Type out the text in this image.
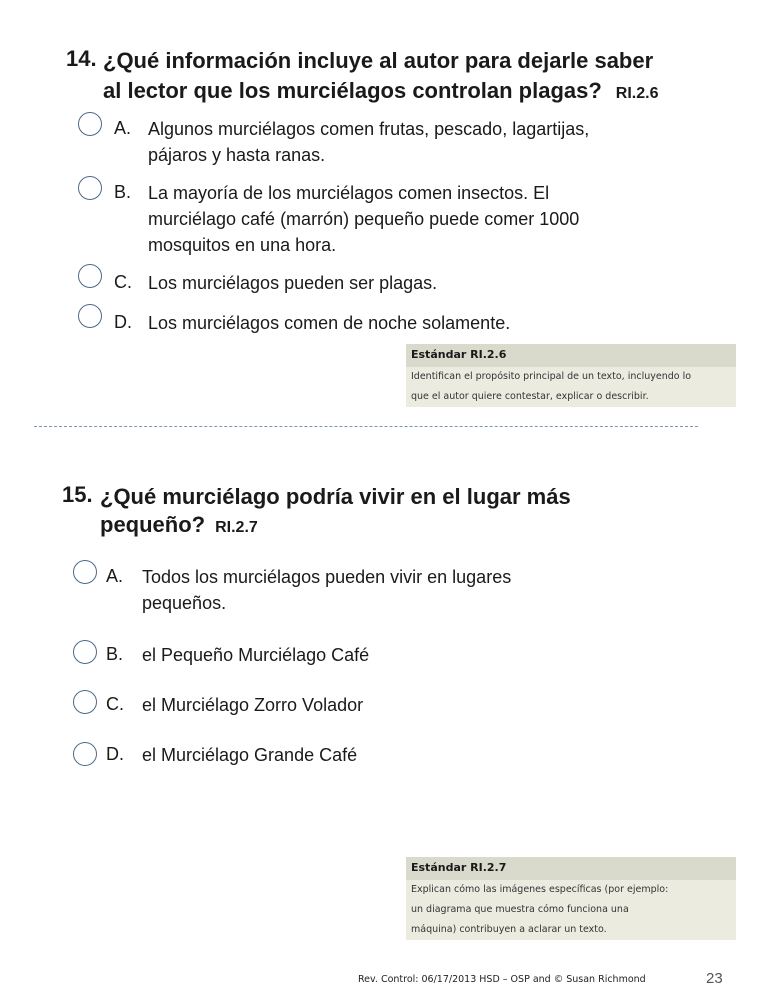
14. ¿Qué información incluye al autor para dejarle saber
al lector que los murciélagos controlan plagas? RI.2.6
A. Algunos murciélagos comen frutas, pescado, lagartijas,
pájaros y hasta ranas.
B. La mayoría de los murciélagos comen insectos. El
murciélago café (marrón) pequeño puede comer 1000
mosquitos en una hora.
C. Los murciélagos pueden ser plagas.
D. Los murciélagos comen de noche solamente.
Estándar RI.2.6
Identifican el propósito principal de un texto, incluyendo lo
que el autor quiere contestar, explicar o describir.
15. ¿Qué murciélago podría vivir en el lugar más
pequeño? RI.2.7
A. Todos los murciélagos pueden vivir en lugares
pequeños.
B. el Pequeño Murciélago Café
C. el Murciélago Zorro Volador
D. el Murciélago Grande Café
Estándar RI.2.7
Explican cómo las imágenes específicas (por ejemplo:
un diagrama que muestra cómo funciona una
máquina) contribuyen a aclarar un texto.
Rev. Control: 06/17/2013 HSD – OSP and © Susan Richmond	23
